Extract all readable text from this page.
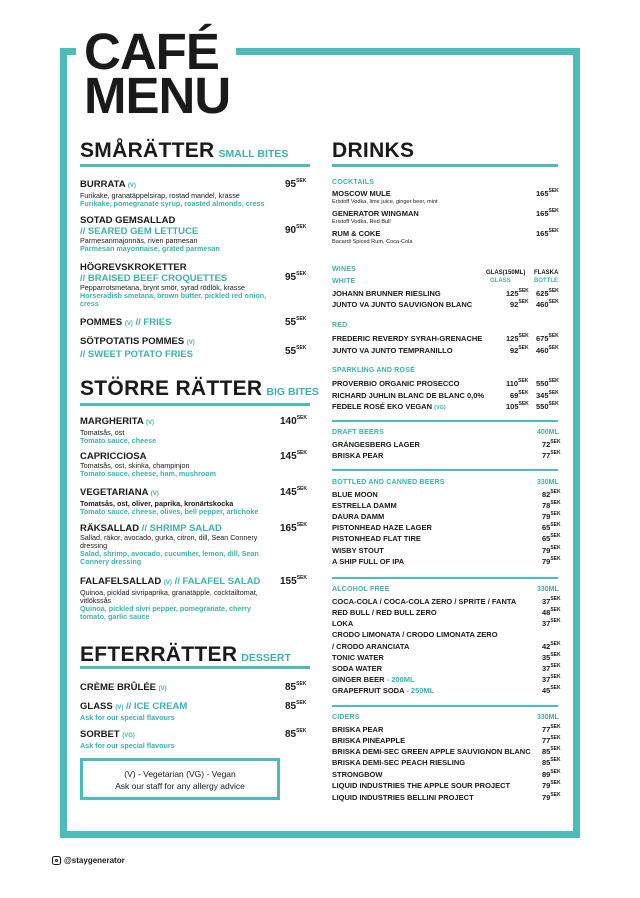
CAFÉ
MENU
SMÅRÄTTER SMALL BITES
BURRATA (V)
Furikake, granatäppelsirap, rostad mandel, krasse
Furikake, pomegranate syrup, roasted almonds, cress
$95^{SEK}$
SOTAD GEMSALLAD
// SEARED GEM LETTUCE
Parmesanmajonnäs, riven parmesan
Parmesan mayonnaise, grated parmesan
$90^{SEK}$
HÖGREVSKROKETTER
// BRAISED BEEF CROQUETTES
Pepparrotsmetana, brynt smör, syrad rödlök, krasse
Horseradish smetana, brown butter, pickled red onion, cress
$95^{SEK}$
POMMES (V) // FRIES	$55^{SEK}$
SÖTPOTATIS POMMES (V)
// SWEET POTATO FRIES	$55^{SEK}$
STÖRRE RÄTTER BIG BITES
MARGHERITA (V)
Tomatsås, ost
Tomato sauce, cheese
$140^{SEK}$
CAPRICCIOSA
Tomatsås, ost, skinka, champinjon
Tomato sauce, cheese, ham, mushroom
$145^{SEK}$
VEGETARIANA (V)
Tomatsås, ost, oliver, paprika, kronärtskocka
Tomato sauce, cheese, olives, bell pepper, artichoke
$145^{SEK}$
RÄKSALLAD // SHRIMP SALAD
Sallad, räkor, avocado, gurka, citron, dill, Sean Connery dressing
Salad, shrimp, avocado, cucumber, lemon, dill, Sean Connery dressing
$165^{SEK}$
FALAFELSALLAD (V) // FALAFEL SALAD
Quinoa, picklad sivripaprika, granatäpple, cocktailtomat, vitlökssås
Quinoa, pickled sivri pepper, pomegranate, cherry tomato, garlic sauce
$155^{SEK}$
EFTERRÄTTER DESSERT
CRÈME BRÛLÉE (V)	$85^{SEK}$
GLASS (V) // ICE CREAM
Ask for our special flavours
$85^{SEK}$
SORBET (VG)
Ask for our special flavours
$85^{SEK}$
(V) - Vegetarian (VG) - Vegan
Ask our staff for any allergy advice
DRINKS
COCKTAILS
MOSCOW MULE
Eristoff Vodka, lime juice, ginger beer, mint
$165^{SEK}$
GENERATOR WINGMAN
Eristoff Vodka, Red Bull
$165^{SEK}$
RUM & COKE
Bacardi Spiced Rum, Coca-Cola
$165^{SEK}$
WINES
WHITE
GLAS(150ML)
GLASS
FLASKA
BOTTLE
JOHANN BRUNNER RIESLING	$125^{SEK}$ $625^{SEK}$
JUNTO VA JUNTO SAUVIGNON BLANC	$92^{SEK}$ $460^{SEK}$
RED
FREDERIC REVERDY SYRAH-GRENACHE	$125^{SEK}$ $675^{SEK}$
JUNTO VA JUNTO TEMPRANILLO	$92^{SEK}$ $460^{SEK}$
SPARKLING AND ROSÉ
PROVERBIO ORGANIC PROSECCO	$110^{SEK}$ $550^{SEK}$
RICHARD JUHLIN BLANC DE BLANC 0,0%	$69^{SEK}$ $345^{SEK}$
FEDELE ROSÉ EKO VEGAN (VG)	$105^{SEK}$ $550^{SEK}$
DRAFT BEERS	400ML
GRÄNGESBERG LAGER	$72^{SEK}$
BRISKA PEAR	$77^{SEK}$
BOTTLED AND CANNED BEERS	330ML
BLUE MOON	$82^{SEK}$
ESTRELLA DAMM	$78^{SEK}$
DAURA DAMM	$79^{SEK}$
PISTONHEAD HAZE LAGER	$65^{SEK}$
PISTONHEAD FLAT TIRE	$65^{SEK}$
WISBY STOUT	$79^{SEK}$
A SHIP FULL OF IPA	$79^{SEK}$
ALCOHOL FREE	330ML
COCA-COLA / COCA-COLA ZERO / SPRITE / FANTA	$37^{SEK}$
RED BULL / RED BULL ZERO	$48^{SEK}$
LOKA	$37^{SEK}$
CRODO LIMONATA / CRODO LIMONATA ZERO
/ CRODO ARANCIATA	$42^{SEK}$
TONIC WATER	$35^{SEK}$
SODA WATER	$37^{SEK}$
GINGER BEER - 200ML	$37^{SEK}$
GRAPEFRUIT SODA - 250ML	$45^{SEK}$
CIDERS	330ML
BRISKA PEAR	$77^{SEK}$
BRISKA PINEAPPLE	$77^{SEK}$
BRISKA DEMI-SEC GREEN APPLE SAUVIGNON BLANC $85^{SEK}$
BRISKA DEMI-SEC PEACH RIESLING	$85^{SEK}$
STRONGBOW	$89^{SEK}$
LIQUID INDUSTRIES THE APPLE SOUR PROJECT	$79^{SEK}$
LIQUID INDUSTRIES BELLINI PROJECT	$79^{SEK}$
@staygenerator
